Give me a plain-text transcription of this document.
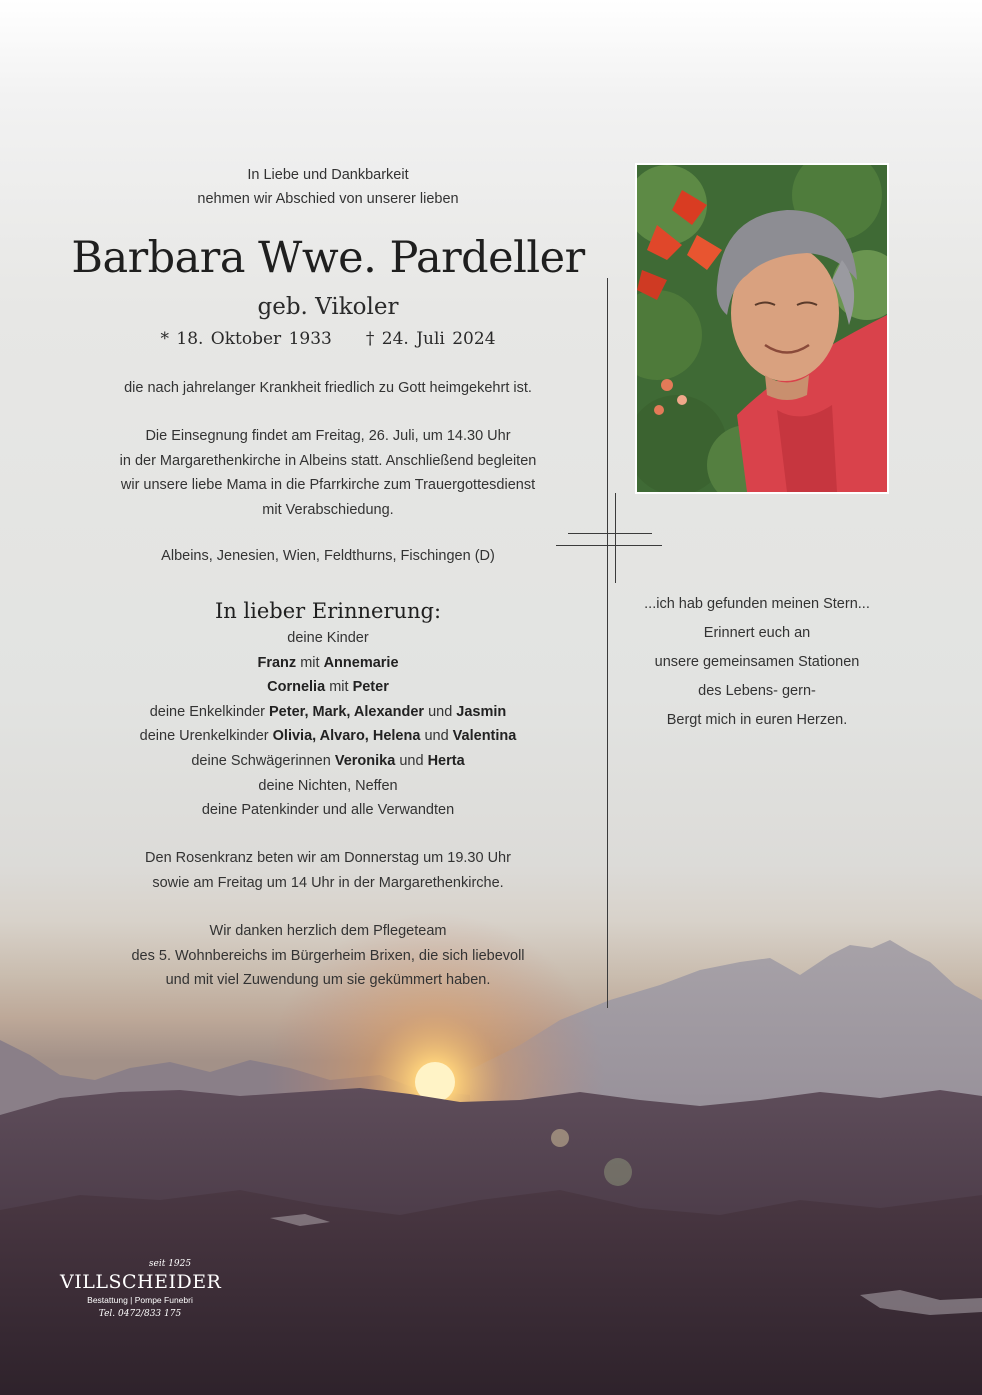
In Liebe und Dankbarkeit
nehmen wir Abschied von unserer lieben
Barbara Wwe. Pardeller
geb. Vikoler
* 18. Oktober 1933 † 24. Juli 2024
die nach jahrelanger Krankheit friedlich zu Gott heimgekehrt ist.
Die Einsegnung findet am Freitag, 26. Juli, um 14.30 Uhr
in der Margarethenkirche in Albeins statt. Anschließend begleiten
wir unsere liebe Mama in die Pfarrkirche zum Trauergottesdienst
mit Verabschiedung.
Albeins, Jenesien, Wien, Feldthurns, Fischingen (D)
In lieber Erinnerung:
deine Kinder
Franz mit Annemarie
Cornelia mit Peter
deine Enkelkinder Peter, Mark, Alexander und Jasmin
deine Urenkelkinder Olivia, Alvaro, Helena und Valentina
deine Schwägerinnen Veronika und Herta
deine Nichten, Neffen
deine Patenkinder und alle Verwandten
Den Rosenkranz beten wir am Donnerstag um 19.30 Uhr
sowie am Freitag um 14 Uhr in der Margarethenkirche.
Wir danken herzlich dem Pflegeteam
des 5. Wohnbereichs im Bürgerheim Brixen, die sich liebevoll
und mit viel Zuwendung um sie gekümmert haben.
...ich hab gefunden meinen Stern...
Erinnert euch an
unsere gemeinsamen Stationen
des Lebens- gern-
Bergt mich in euren Herzen.
seit 1925
VILLSCHEIDER
Bestattung | Pompe Funebri
Tel. 0472/833 175
